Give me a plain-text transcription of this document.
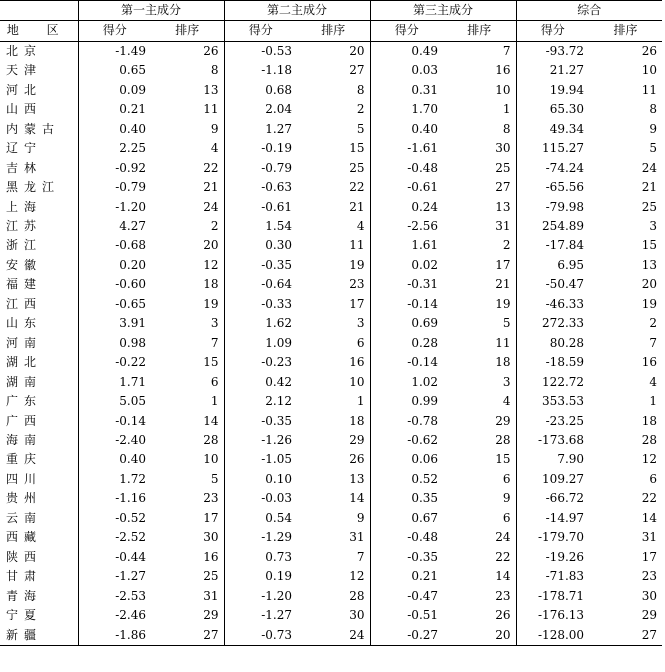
	第一主成分		第二主成分		第三主成分		综合	
地 区	得分	排序	得分	排序	得分	排序	得分	排序
北京	-1.49	26	-0.53	20	0.49	7	-93.72	26
天津	0.65	8	-1.18	27	0.03	16	21.27	10
河北	0.09	13	0.68	8	0.31	10	19.94	11
山西	0.21	11	2.04	2	1.70	1	65.30	8
内蒙古	0.40	9	1.27	5	0.40	8	49.34	9
辽宁	2.25	4	-0.19	15	-1.61	30	115.27	5
吉林	-0.92	22	-0.79	25	-0.48	25	-74.24	24
黑龙江	-0.79	21	-0.63	22	-0.61	27	-65.56	21
上海	-1.20	24	-0.61	21	0.24	13	-79.98	25
江苏	4.27	2	1.54	4	-2.56	31	254.89	3
浙江	-0.68	20	0.30	11	1.61	2	-17.84	15
安徽	0.20	12	-0.35	19	0.02	17	6.95	13
福建	-0.60	18	-0.64	23	-0.31	21	-50.47	20
江西	-0.65	19	-0.33	17	-0.14	19	-46.33	19
山东	3.91	3	1.62	3	0.69	5	272.33	2
河南	0.98	7	1.09	6	0.28	11	80.28	7
湖北	-0.22	15	-0.23	16	-0.14	18	-18.59	16
湖南	1.71	6	0.42	10	1.02	3	122.72	4
广东	5.05	1	2.12	1	0.99	4	353.53	1
广西	-0.14	14	-0.35	18	-0.78	29	-23.25	18
海南	-2.40	28	-1.26	29	-0.62	28	-173.68	28
重庆	0.40	10	-1.05	26	0.06	15	7.90	12
四川	1.72	5	0.10	13	0.52	6	109.27	6
贵州	-1.16	23	-0.03	14	0.35	9	-66.72	22
云南	-0.52	17	0.54	9	0.67	6	-14.97	14
西藏	-2.52	30	-1.29	31	-0.48	24	-179.70	31
陕西	-0.44	16	0.73	7	-0.35	22	-19.26	17
甘肃	-1.27	25	0.19	12	0.21	14	-71.83	23
青海	-2.53	31	-1.20	28	-0.47	23	-178.71	30
宁夏	-2.46	29	-1.27	30	-0.51	26	-176.13	29
新疆	-1.86	27	-0.73	24	-0.27	20	-128.00	27
